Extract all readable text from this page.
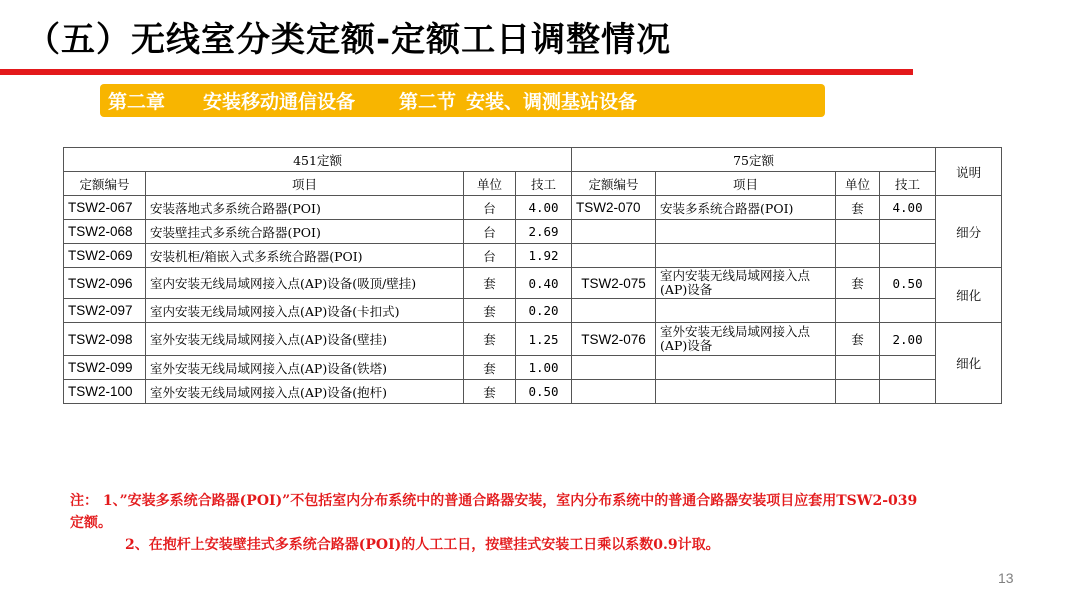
（五）无线室分类定额-定额工日调整情况
第二章 安装移动通信设备 第二节 安装、调测基站设备
451定额				75定额				说明
定额编号	项目	单位	技工	定额编号	项目	单位	技工	
TSW2-067	安装落地式多系统合路器(POI)	台	4.00	TSW2-070	安装多系统合路器(POI)	套	4.00	细分
TSW2-068	安装壁挂式多系统合路器(POI)	台	2.69					
TSW2-069	安装机柜/箱嵌入式多系统合路器(POI)	台	1.92					
TSW2-096	室内安装无线局域网接入点(AP)设备(吸顶/壁挂)	套	0.40	TSW2-075	室内安装无线局域网接入点(AP)设备	套	0.50	细化
TSW2-097	室内安装无线局域网接入点(AP)设备(卡扣式)	套	0.20					
TSW2-098	室外安装无线局域网接入点(AP)设备(壁挂)	套	1.25	TSW2-076	室外安装无线局域网接入点(AP)设备	套	2.00	细化
TSW2-099	室外安装无线局域网接入点(AP)设备(铁塔)	套	1.00					
TSW2-100	室外安装无线局域网接入点(AP)设备(抱杆)	套	0.50					
注： 1、”安装多系统合路器(POI)”不包括室内分布系统中的普通合路器安装，室内分布系统中的普通合路器安装项目应套用TSW2-039定额。
2、在抱杆上安装壁挂式多系统合路器(POI)的人工工日，按壁挂式安装工日乘以系数0.9计取。
13
